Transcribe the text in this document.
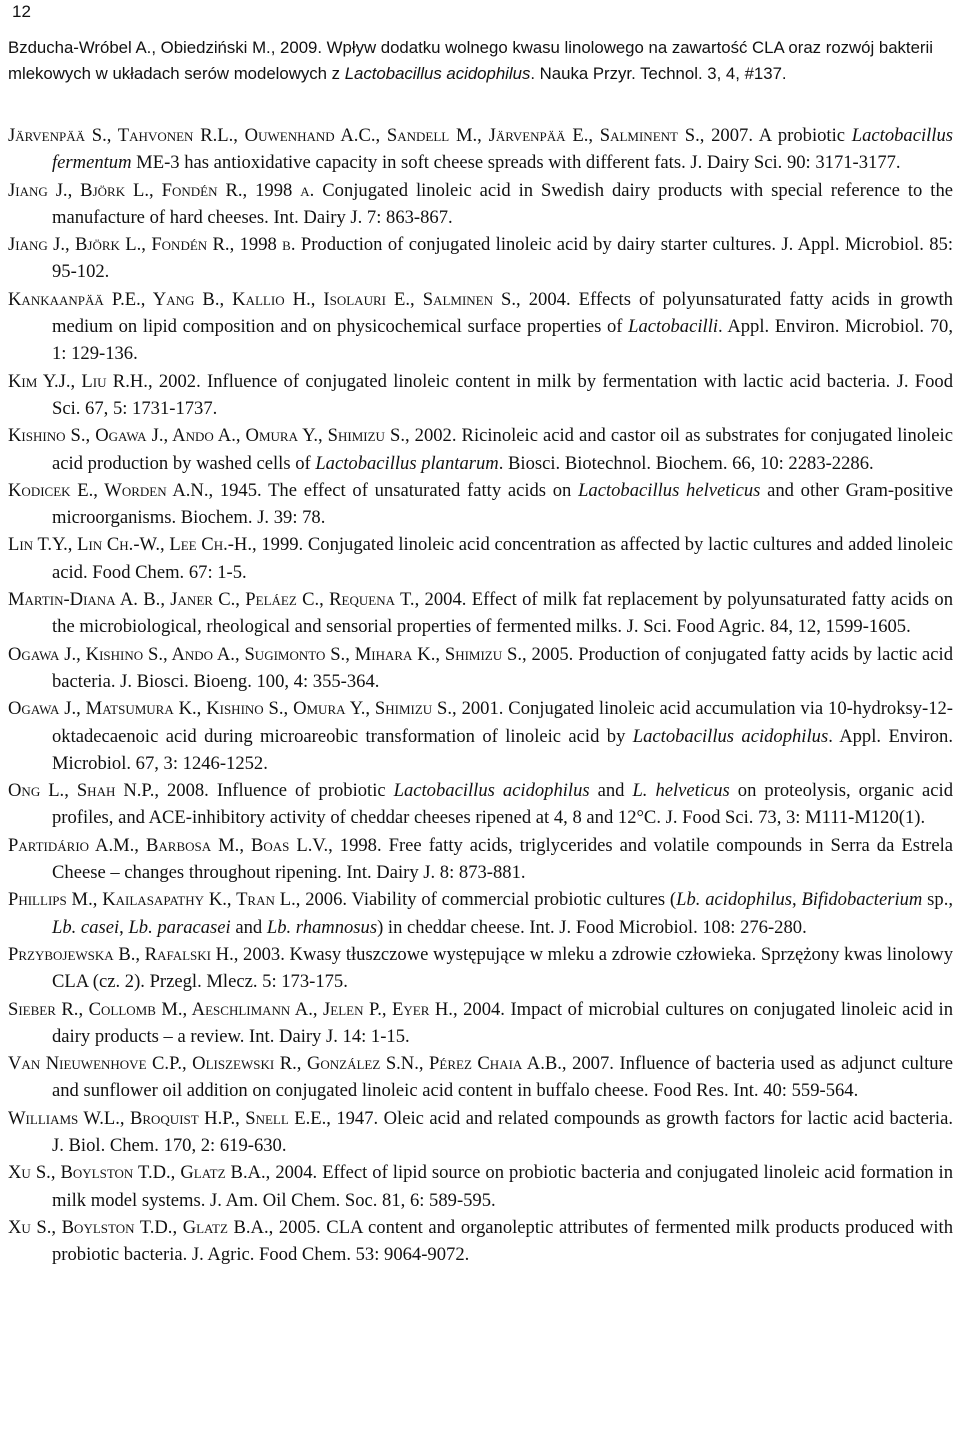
12

Bzducha-Wróbel A., Obiedziński M., 2009. Wpływ dodatku wolnego kwasu linolowego na zawartość CLA oraz rozwój bakterii mlekowych w układach serów modelowych z Lactobacillus acidophilus. Nauka Przyr. Technol. 3, 4, #137.

Järvenpää S., Tahvonen R.L., Ouwenhand A.C., Sandell M., Järvenpää E., Salminent S., 2007. A probiotic Lactobacillus fermentum ME-3 has antioxidative capacity in soft cheese spreads with different fats. J. Dairy Sci. 90: 3171-3177.

Jiang J., Björk L., Fondén R., 1998 a. Conjugated linoleic acid in Swedish dairy products with special reference to the manufacture of hard cheeses. Int. Dairy J. 7: 863-867.

Jiang J., Björk L., Fondén R., 1998 b. Production of conjugated linoleic acid by dairy starter cultures. J. Appl. Microbiol. 85: 95-102.

Kankaanpää P.E., Yang B., Kallio H., Isolauri E., Salminen S., 2004. Effects of polyunsaturated fatty acids in growth medium on lipid composition and on physicochemical surface properties of Lactobacilli. Appl. Environ. Microbiol. 70, 1: 129-136.

Kim Y.J., Liu R.H., 2002. Influence of conjugated linoleic content in milk by fermentation with lactic acid bacteria. J. Food Sci. 67, 5: 1731-1737.

Kishino S., Ogawa J., Ando A., Omura Y., Shimizu S., 2002. Ricinoleic acid and castor oil as substrates for conjugated linoleic acid production by washed cells of Lactobacillus plantarum. Biosci. Biotechnol. Biochem. 66, 10: 2283-2286.

Kodicek E., Worden A.N., 1945. The effect of unsaturated fatty acids on Lactobacillus helveticus and other Gram-positive microorganisms. Biochem. J. 39: 78.

Lin T.Y., Lin Ch.-W., Lee Ch.-H., 1999. Conjugated linoleic acid concentration as affected by lactic cultures and added linoleic acid. Food Chem. 67: 1-5.

Martin-Diana A. B., Janer C., Peláez C., Requena T., 2004. Effect of milk fat replacement by polyunsaturated fatty acids on the microbiological, rheological and sensorial properties of fermented milks. J. Sci. Food Agric. 84, 12, 1599-1605.

Ogawa J., Kishino S., Ando A., Sugimonto S., Mihara K., Shimizu S., 2005. Production of conjugated fatty acids by lactic acid bacteria. J. Biosci. Bioeng. 100, 4: 355-364.

Ogawa J., Matsumura K., Kishino S., Omura Y., Shimizu S., 2001. Conjugated linoleic acid accumulation via 10-hydroksy-12-oktadecaenoic acid during microareobic transformation of linoleic acid by Lactobacillus acidophilus. Appl. Environ. Microbiol. 67, 3: 1246-1252.

Ong L., Shah N.P., 2008. Influence of probiotic Lactobacillus acidophilus and L. helveticus on proteolysis, organic acid profiles, and ACE-inhibitory activity of cheddar cheeses ripened at 4, 8 and 12°C. J. Food Sci. 73, 3: M111-M120(1).

Partidário A.M., Barbosa M., Boas L.V., 1998. Free fatty acids, triglycerides and volatile compounds in Serra da Estrela Cheese – changes throughout ripening. Int. Dairy J. 8: 873-881.

Phillips M., Kailasapathy K., Tran L., 2006. Viability of commercial probiotic cultures (Lb. acidophilus, Bifidobacterium sp., Lb. casei, Lb. paracasei and Lb. rhamnosus) in cheddar cheese. Int. J. Food Microbiol. 108: 276-280.

Przybojewska B., Rafalski H., 2003. Kwasy tłuszczowe występujące w mleku a zdrowie człowieka. Sprzężony kwas linolowy CLA (cz. 2). Przegl. Mlecz. 5: 173-175.

Sieber R., Collomb M., Aeschlimann A., Jelen P., Eyer H., 2004. Impact of microbial cultures on conjugated linoleic acid in dairy products – a review. Int. Dairy J. 14: 1-15.

Van Nieuwenhove C.P., Oliszewski R., González S.N., Pérez Chaia A.B., 2007. Influence of bacteria used as adjunct culture and sunflower oil addition on conjugated linoleic acid content in buffalo cheese. Food Res. Int. 40: 559-564.

Williams W.L., Broquist H.P., Snell E.E., 1947. Oleic acid and related compounds as growth factors for lactic acid bacteria. J. Biol. Chem. 170, 2: 619-630.

Xu S., Boylston T.D., Glatz B.A., 2004. Effect of lipid source on probiotic bacteria and conjugated linoleic acid formation in milk model systems. J. Am. Oil Chem. Soc. 81, 6: 589-595.

Xu S., Boylston T.D., Glatz B.A., 2005. CLA content and organoleptic attributes of fermented milk products produced with probiotic bacteria. J. Agric. Food Chem. 53: 9064-9072.
